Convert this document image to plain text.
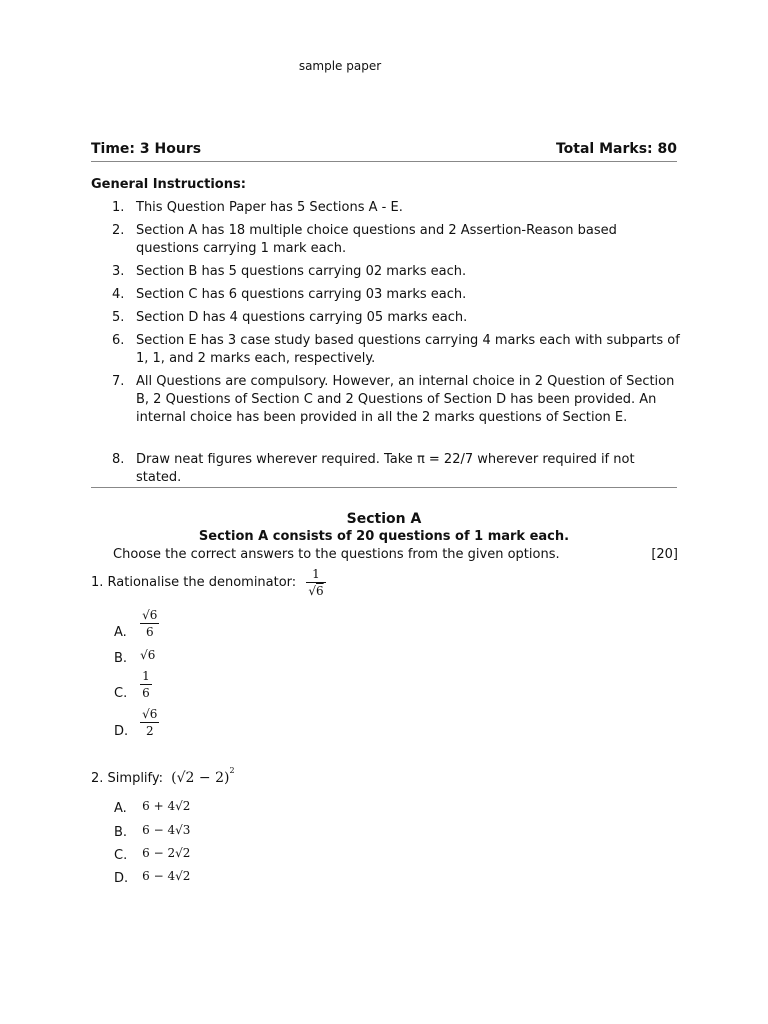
sample paper
Time: 3 Hours	Total Marks: 80
General Instructions:
1. This Question Paper has 5 Sections A - E.
2. Section A has 18 multiple choice questions and 2 Assertion-Reason based questions carrying 1 mark each.
3. Section B has 5 questions carrying 02 marks each.
4. Section C has 6 questions carrying 03 marks each.
5. Section D has 4 questions carrying 05 marks each.
6. Section E has 3 case study based questions carrying 4 marks each with subparts of 1, 1, and 2 marks each, respectively.
7. All Questions are compulsory. However, an internal choice in 2 Question of Section B, 2 Questions of Section C and 2 Questions of Section D has been provided. An internal choice has been provided in all the 2 marks questions of Section E.
8. Draw neat figures wherever required. Take π = 22/7 wherever required if not stated.
Section A
Section A consists of 20 questions of 1 mark each.
Choose the correct answers to the questions from the given options.	[20]
1. Rationalise the denominator: $\frac{1}{√6}$
A. $\frac{√6}{6}$
B. √6
C. $\frac{1}{6}$
D. $\frac{√6}{2}$
2. Simplify: $(√2 - 2)^2$
A. 6 + 4√2
B. 6 − 4√3
C. 6 − 2√2
D. 6 − 4√2
